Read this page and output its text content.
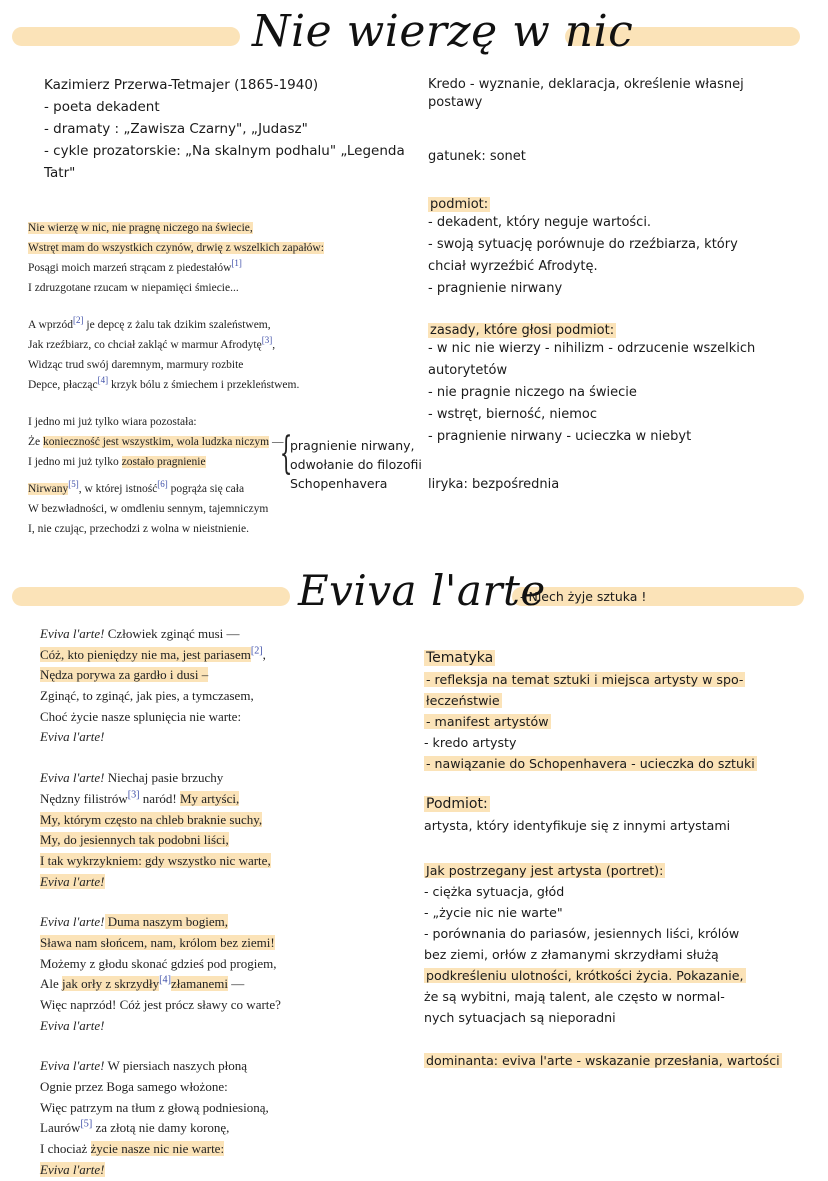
Nie wierzę w nic
Kazimierz Przerwa-Tetmajer (1865-1940)
- poeta dekadent
- dramaty : „Zawisza Czarny", „Judasz"
- cykle prozatorskie: „Na skalnym podhalu" „Legenda
Tatr"
Nie wierzę w nic, nie pragnę niczego na świecie,
Wstręt mam do wszystkich czynów, drwię z wszelkich zapałów:
Posągi moich marzeń strącam z piedestałów[1]
I zdruzgotane rzucam w niepamięci śmiecie...
A wprzód[2] je depcę z żalu tak dzikim szaleństwem,
Jak rzeźbiarz, co chciał zakląć w marmur Afrodytę[3],
Widząc trud swój daremnym, marmury rozbite
Depce, płacząc[4] krzyk bólu z śmiechem i przekleństwem.
I jedno mi już tylko wiara pozostała:
Że konieczność jest wszystkim, wola ludzka niczym —
I jedno mi już tylko zostało pragnienie
Nirwany[5], w której istność[6] pogrąża się cała
W bezwładności, w omdleniu sennym, tajemniczym
I, nie czując, przechodzi z wolna w nieistnienie.
{
pragnienie nirwany,
odwołanie do filozofii
Schopenhavera
Kredo - wyznanie, deklaracja, określenie własnej
postawy
gatunek: sonet
podmiot:
- dekadent, który neguje wartości.
- swoją sytuację porównuje do rzeźbiarza, który
chciał wyrzeźbić Afrodytę.
- pragnienie nirwany
zasady, które głosi podmiot:
- w nic nie wierzy - nihilizm - odrzucenie wszelkich
autorytetów
- nie pragnie niczego na świecie
- wstręt, bierność, niemoc
- pragnienie nirwany - ucieczka w niebyt
liryka: bezpośrednia
Eviva l'arte
- Niech żyje sztuka !
Eviva l'arte! Człowiek zginąć musi —
Cóż, kto pieniędzy nie ma, jest pariasem[2],
Nędza porywa za gardło i dusi –
Zginąć, to zginąć, jak pies, a tymczasem,
Choć życie nasze splunięcia nie warte:
Eviva l'arte!
Eviva l'arte! Niechaj pasie brzuchy
Nędzny filistrów[3] naród! My artyści,
My, którym często na chleb braknie suchy,
My, do jesiennych tak podobni liści,
I tak wykrzykniem: gdy wszystko nic warte,
Eviva l'arte!
Eviva l'arte! Duma naszym bogiem,
Sława nam słońcem, nam, królom bez ziemi!
Możemy z głodu skonać gdzieś pod progiem,
Ale jak orły z skrzydły[4]złamanemi —
Więc naprzód! Cóż jest prócz sławy co warte?
Eviva l'arte!
Eviva l'arte! W piersiach naszych płoną
Ognie przez Boga samego włożone:
Więc patrzym na tłum z głową podniesioną,
Laurów[5] za złotą nie damy koronę,
I chociaż życie nasze nic nie warte:
Eviva l'arte!
Tematyka
- refleksja na temat sztuki i miejsca artysty w spo-
łeczeństwie
- manifest artystów
- kredo artysty
- nawiązanie do Schopenhavera - ucieczka do sztuki
Podmiot:
artysta, który identyfikuje się z innymi artystami
Jak postrzegany jest artysta (portret):
- ciężka sytuacja, głód
- „życie nic nie warte"
- porównania do pariasów, jesiennych liści, królów
bez ziemi, orłów z złamanymi skrzydłami służą
podkreśleniu ulotności, krótkości życia. Pokazanie,
że są wybitni, mają talent, ale często w normal-
nych sytuacjach są nieporadni
dominanta: eviva l'arte - wskazanie przesłania, wartości
